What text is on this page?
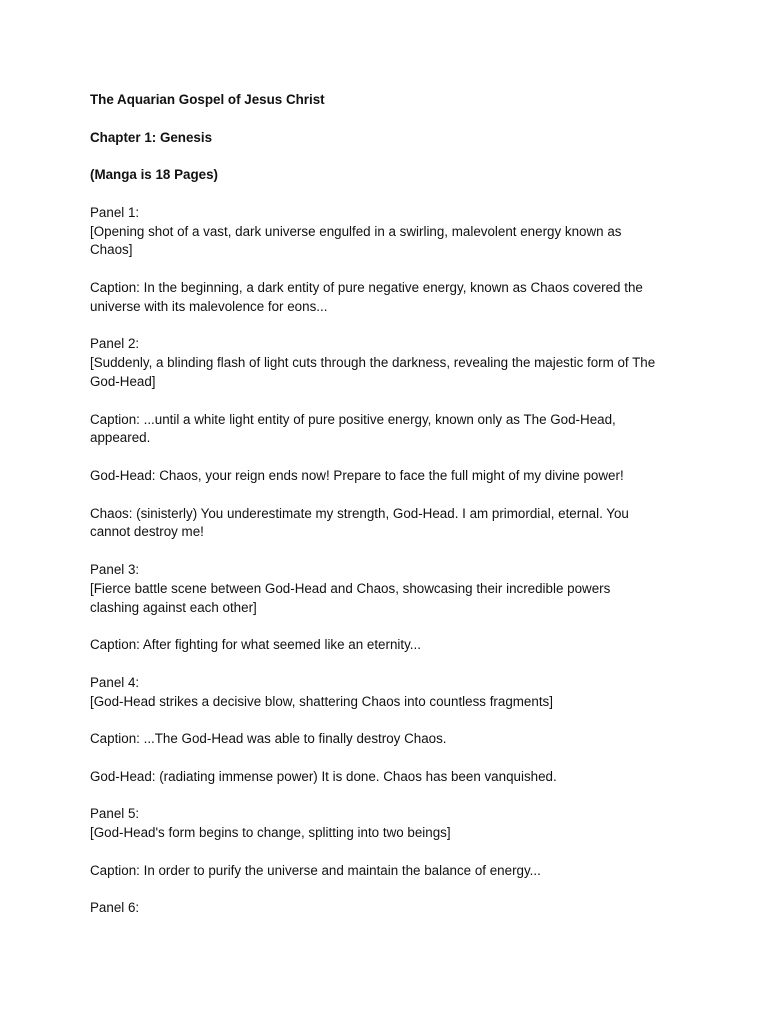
The Aquarian Gospel of Jesus Christ
Chapter 1: Genesis
(Manga is 18 Pages)
Panel 1:
[Opening shot of a vast, dark universe engulfed in a swirling, malevolent energy known as
Chaos]
Caption: In the beginning, a dark entity of pure negative energy, known as Chaos covered the
universe with its malevolence for eons...
Panel 2:
[Suddenly, a blinding flash of light cuts through the darkness, revealing the majestic form of The
God-Head]
Caption: ...until a white light entity of pure positive energy, known only as The God-Head,
appeared.
God-Head: Chaos, your reign ends now! Prepare to face the full might of my divine power!
Chaos: (sinisterly) You underestimate my strength, God-Head. I am primordial, eternal. You
cannot destroy me!
Panel 3:
[Fierce battle scene between God-Head and Chaos, showcasing their incredible powers
clashing against each other]
Caption: After fighting for what seemed like an eternity...
Panel 4:
[God-Head strikes a decisive blow, shattering Chaos into countless fragments]
Caption: ...The God-Head was able to finally destroy Chaos.
God-Head: (radiating immense power) It is done. Chaos has been vanquished.
Panel 5:
[God-Head's form begins to change, splitting into two beings]
Caption: In order to purify the universe and maintain the balance of energy...
Panel 6:
